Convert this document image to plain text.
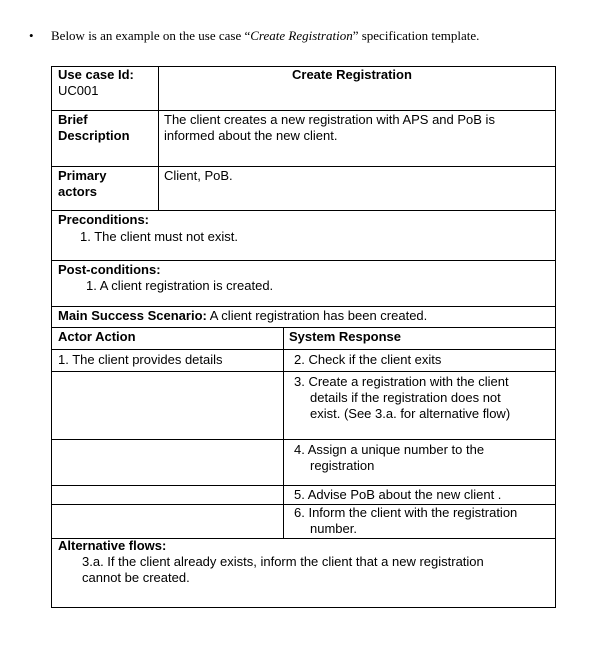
• Below is an example on the use case “Create Registration” specification template.
Use case Id:
UC001
Create Registration
Brief
Description
The client creates a new registration with APS and PoB is
informed about the new client.
Primary
actors
Client, PoB.
Preconditions:
1. The client must not exist.
Post-conditions:
1. A client registration is created.
Main Success Scenario: A client registration has been created.
Actor Action	System Response
1. The client provides details	2. Check if the client exits
3. Create a registration with the client
details if the registration does not
exist. (See 3.a. for alternative flow)
4. Assign a unique number to the
registration
5. Advise PoB about the new client .
6. Inform the client with the registration
number.
Alternative flows:
3.a. If the client already exists, inform the client that a new registration
cannot be created.
